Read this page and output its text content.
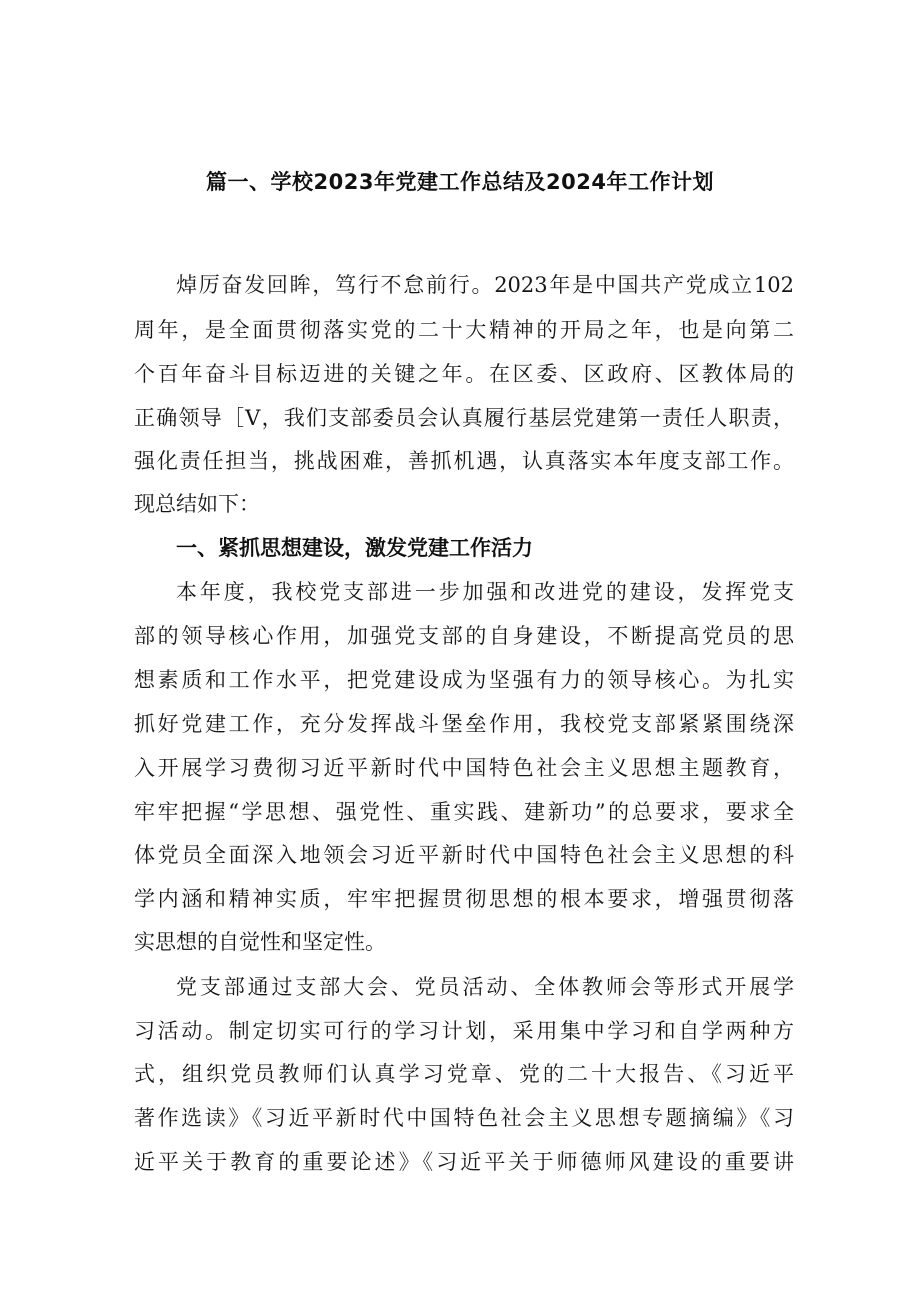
篇一、学校2023年党建工作总结及2024年工作计划
焯厉奋发回眸，笃行不怠前行。2023年是中国共产党成立102
周年，是全面贯彻落实党的二十大精神的开局之年，也是向第二
个百年奋斗目标迈进的关键之年。在区委、区政府、区教体局的
正确领导［V，我们支部委员会认真履行基层党建第一责任人职责，
强化责任担当，挑战困难，善抓机遇，认真落实本年度支部工作。
现总结如下：
一、紧抓思想建设，激发党建工作活力
本年度，我校党支部进一步加强和改进党的建设，发挥党支
部的领导核心作用，加强党支部的自身建设，不断提高党员的思
想素质和工作水平，把党建设成为坚强有力的领导核心。为扎实
抓好党建工作，充分发挥战斗堡垒作用，我校党支部紧紧围绕深
入开展学习费彻习近平新时代中国特色社会主义思想主题教育，
牢牢把握“学思想、强党性、重实践、建新功”的总要求，要求全
体党员全面深入地领会习近平新时代中国特色社会主义思想的科
学内涵和精神实质，牢牢把握贯彻思想的根本要求，增强贯彻落
实思想的自觉性和坚定性。
党支部通过支部大会、党员活动、全体教师会等形式开展学
习活动。制定切实可行的学习计划，采用集中学习和自学两种方
式，组织党员教师们认真学习党章、党的二十大报告、《习近平
著作选读》《习近平新时代中国特色社会主义思想专题摘编》《习
近平关于教育的重要论述》《习近平关于师德师风建设的重要讲
